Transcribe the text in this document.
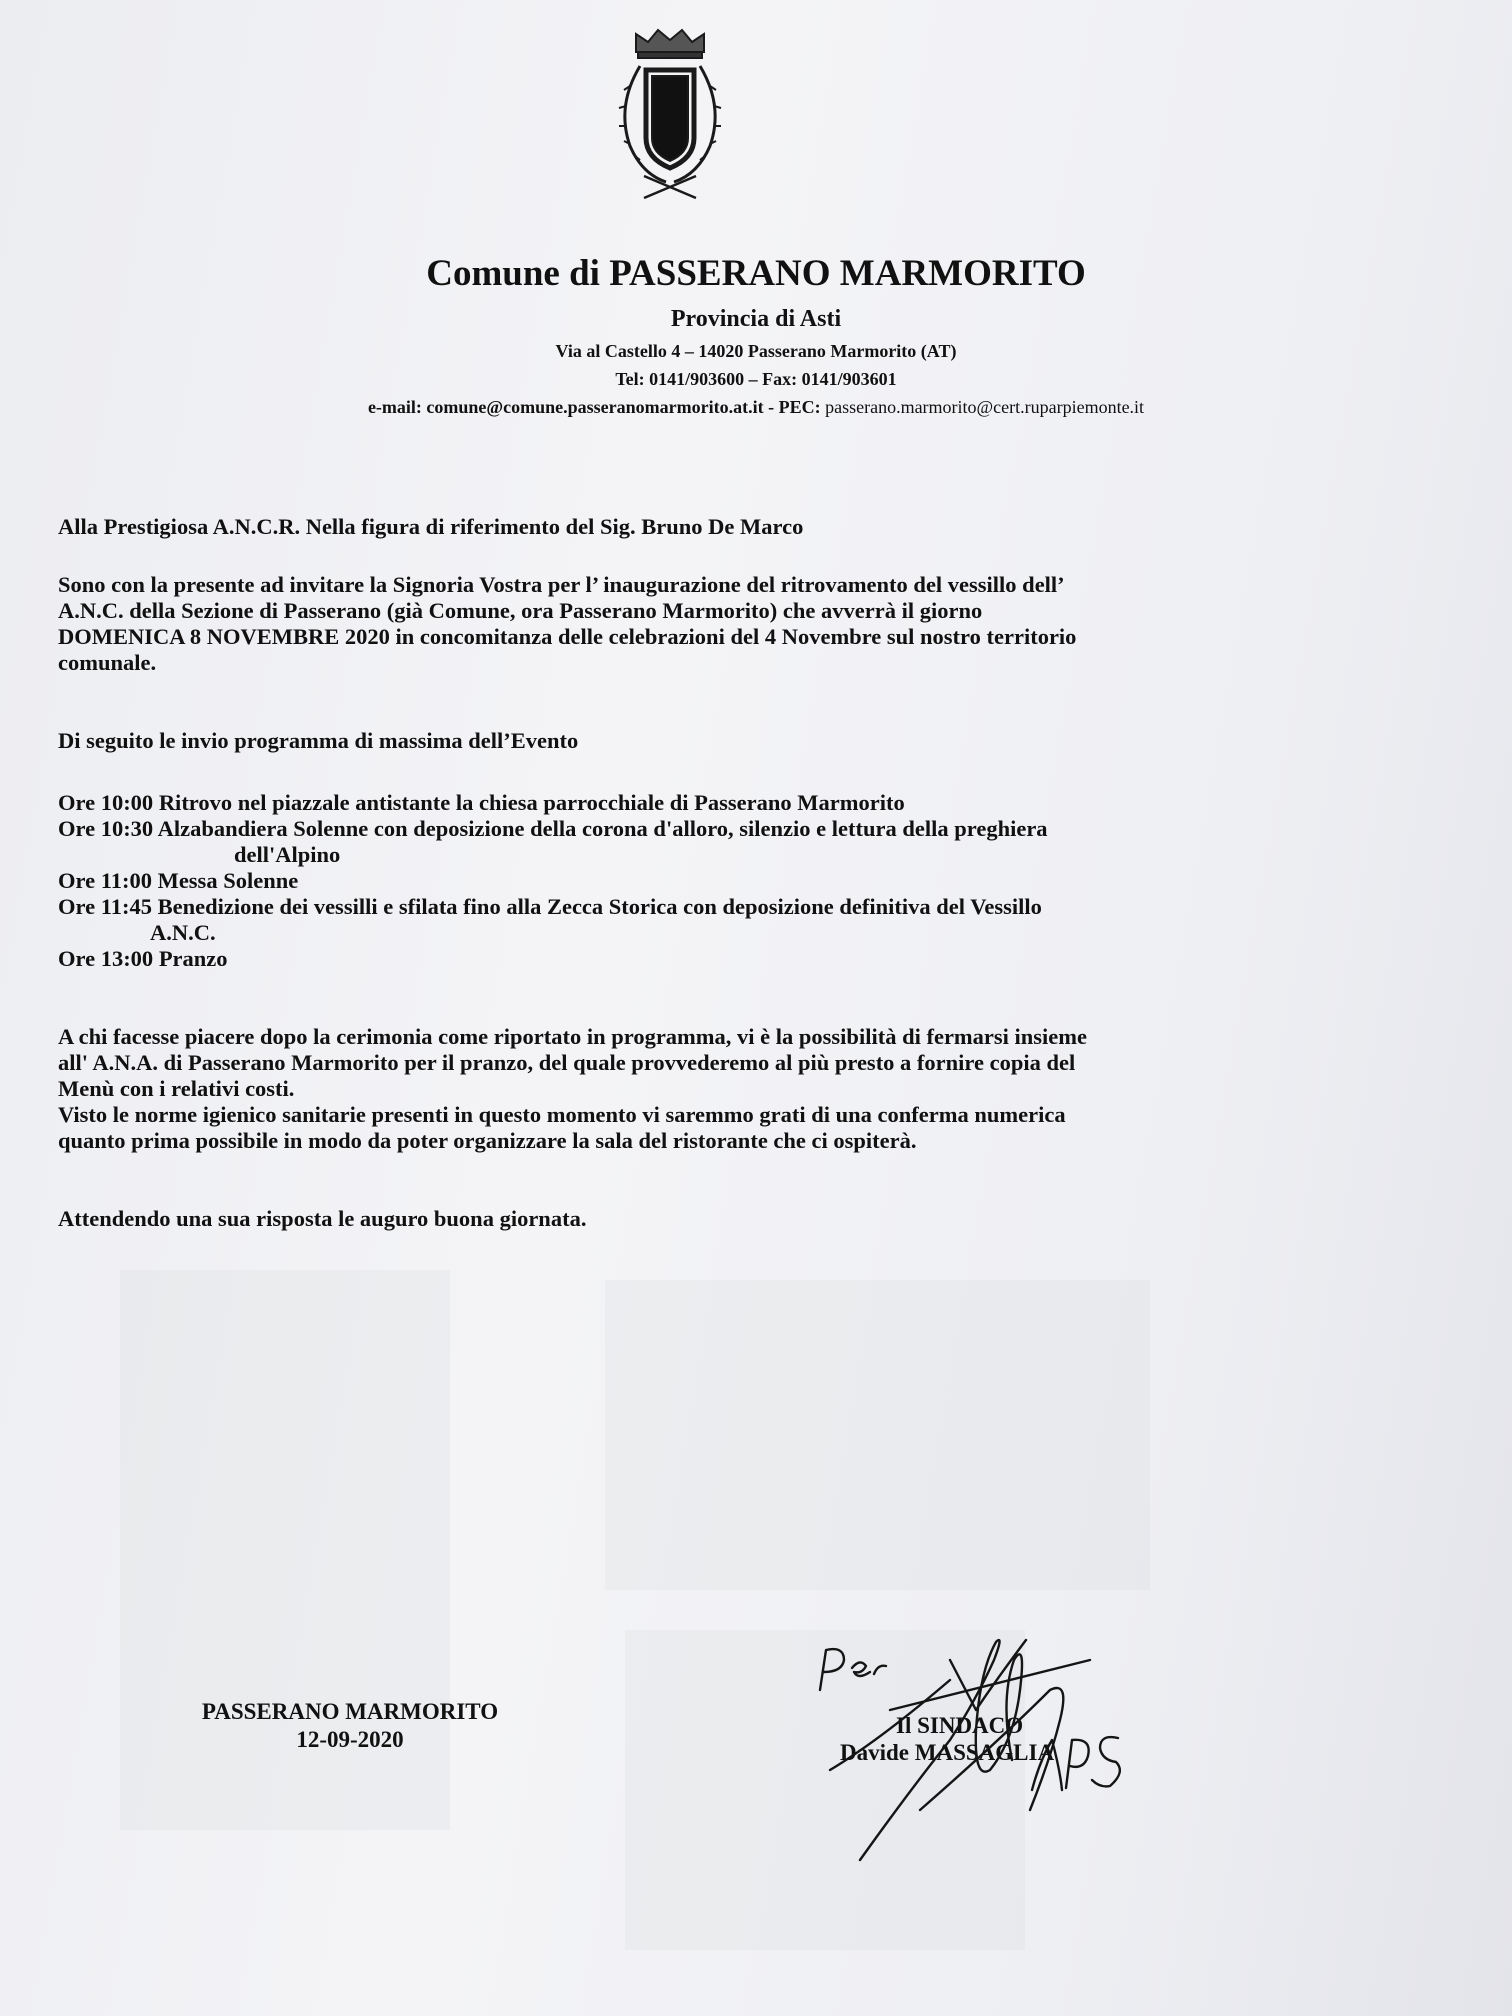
Comune di PASSERANO MARMORITO
Provincia di Asti
Via al Castello 4 – 14020 Passerano Marmorito (AT)
Tel: 0141/903600 – Fax: 0141/903601
e-mail: comune@comune.passeranomarmorito.at.it - PEC: passerano.marmorito@cert.ruparpiemonte.it
Alla Prestigiosa A.N.C.R. Nella figura di riferimento del Sig. Bruno De Marco
Sono con la presente ad invitare la Signoria Vostra per l’ inaugurazione del ritrovamento del vessillo dell’
A.N.C. della Sezione di Passerano (già Comune, ora Passerano Marmorito) che avverrà il giorno
DOMENICA 8 NOVEMBRE 2020 in concomitanza delle celebrazioni del 4 Novembre sul nostro territorio
comunale.
Di seguito le invio programma di massima dell’Evento
Ore 10:00 Ritrovo nel piazzale antistante la chiesa parrocchiale di Passerano Marmorito
Ore 10:30 Alzabandiera Solenne con deposizione della corona d'alloro, silenzio e lettura della preghiera
dell'Alpino
Ore 11:00 Messa Solenne
Ore 11:45 Benedizione dei vessilli e sfilata fino alla Zecca Storica con deposizione definitiva del Vessillo
A.N.C.
Ore 13:00 Pranzo
A chi facesse piacere dopo la cerimonia come riportato in programma, vi è la possibilità di fermarsi insieme
all' A.N.A. di Passerano Marmorito per il pranzo, del quale provvederemo al più presto a fornire copia del
Menù con i relativi costi.
Visto le norme igienico sanitarie presenti in questo momento vi saremmo grati di una conferma numerica
quanto prima possibile in modo da poter organizzare la sala del ristorante che ci ospiterà.
Attendendo una sua risposta le auguro buona giornata.
PASSERANO MARMORITO
12-09-2020
Il SINDACO
Davide MASSAGLIA
